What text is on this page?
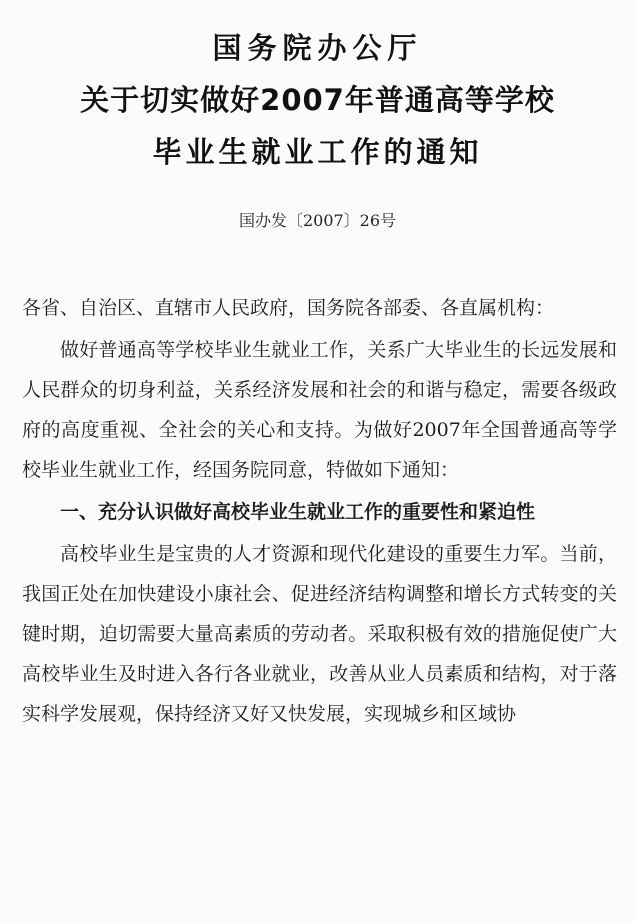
国务院办公厅
关于切实做好2007年普通高等学校
毕业生就业工作的通知
国办发〔2007〕26号

各省、自治区、直辖市人民政府，国务院各部委、各直属机构：

做好普通高等学校毕业生就业工作，关系广大毕业生的长远发展和人民群众的切身利益，关系经济发展和社会的和谐与稳定，需要各级政府的高度重视、全社会的关心和支持。为做好2007年全国普通高等学校毕业生就业工作，经国务院同意，特做如下通知：

一、充分认识做好高校毕业生就业工作的重要性和紧迫性

高校毕业生是宝贵的人才资源和现代化建设的重要生力军。当前，我国正处在加快建设小康社会、促进经济结构调整和增长方式转变的关键时期，迫切需要大量高素质的劳动者。采取积极有效的措施促使广大高校毕业生及时进入各行各业就业，改善从业人员素质和结构，对于落实科学发展观，保持经济又好又快发展，实现城乡和区域协
